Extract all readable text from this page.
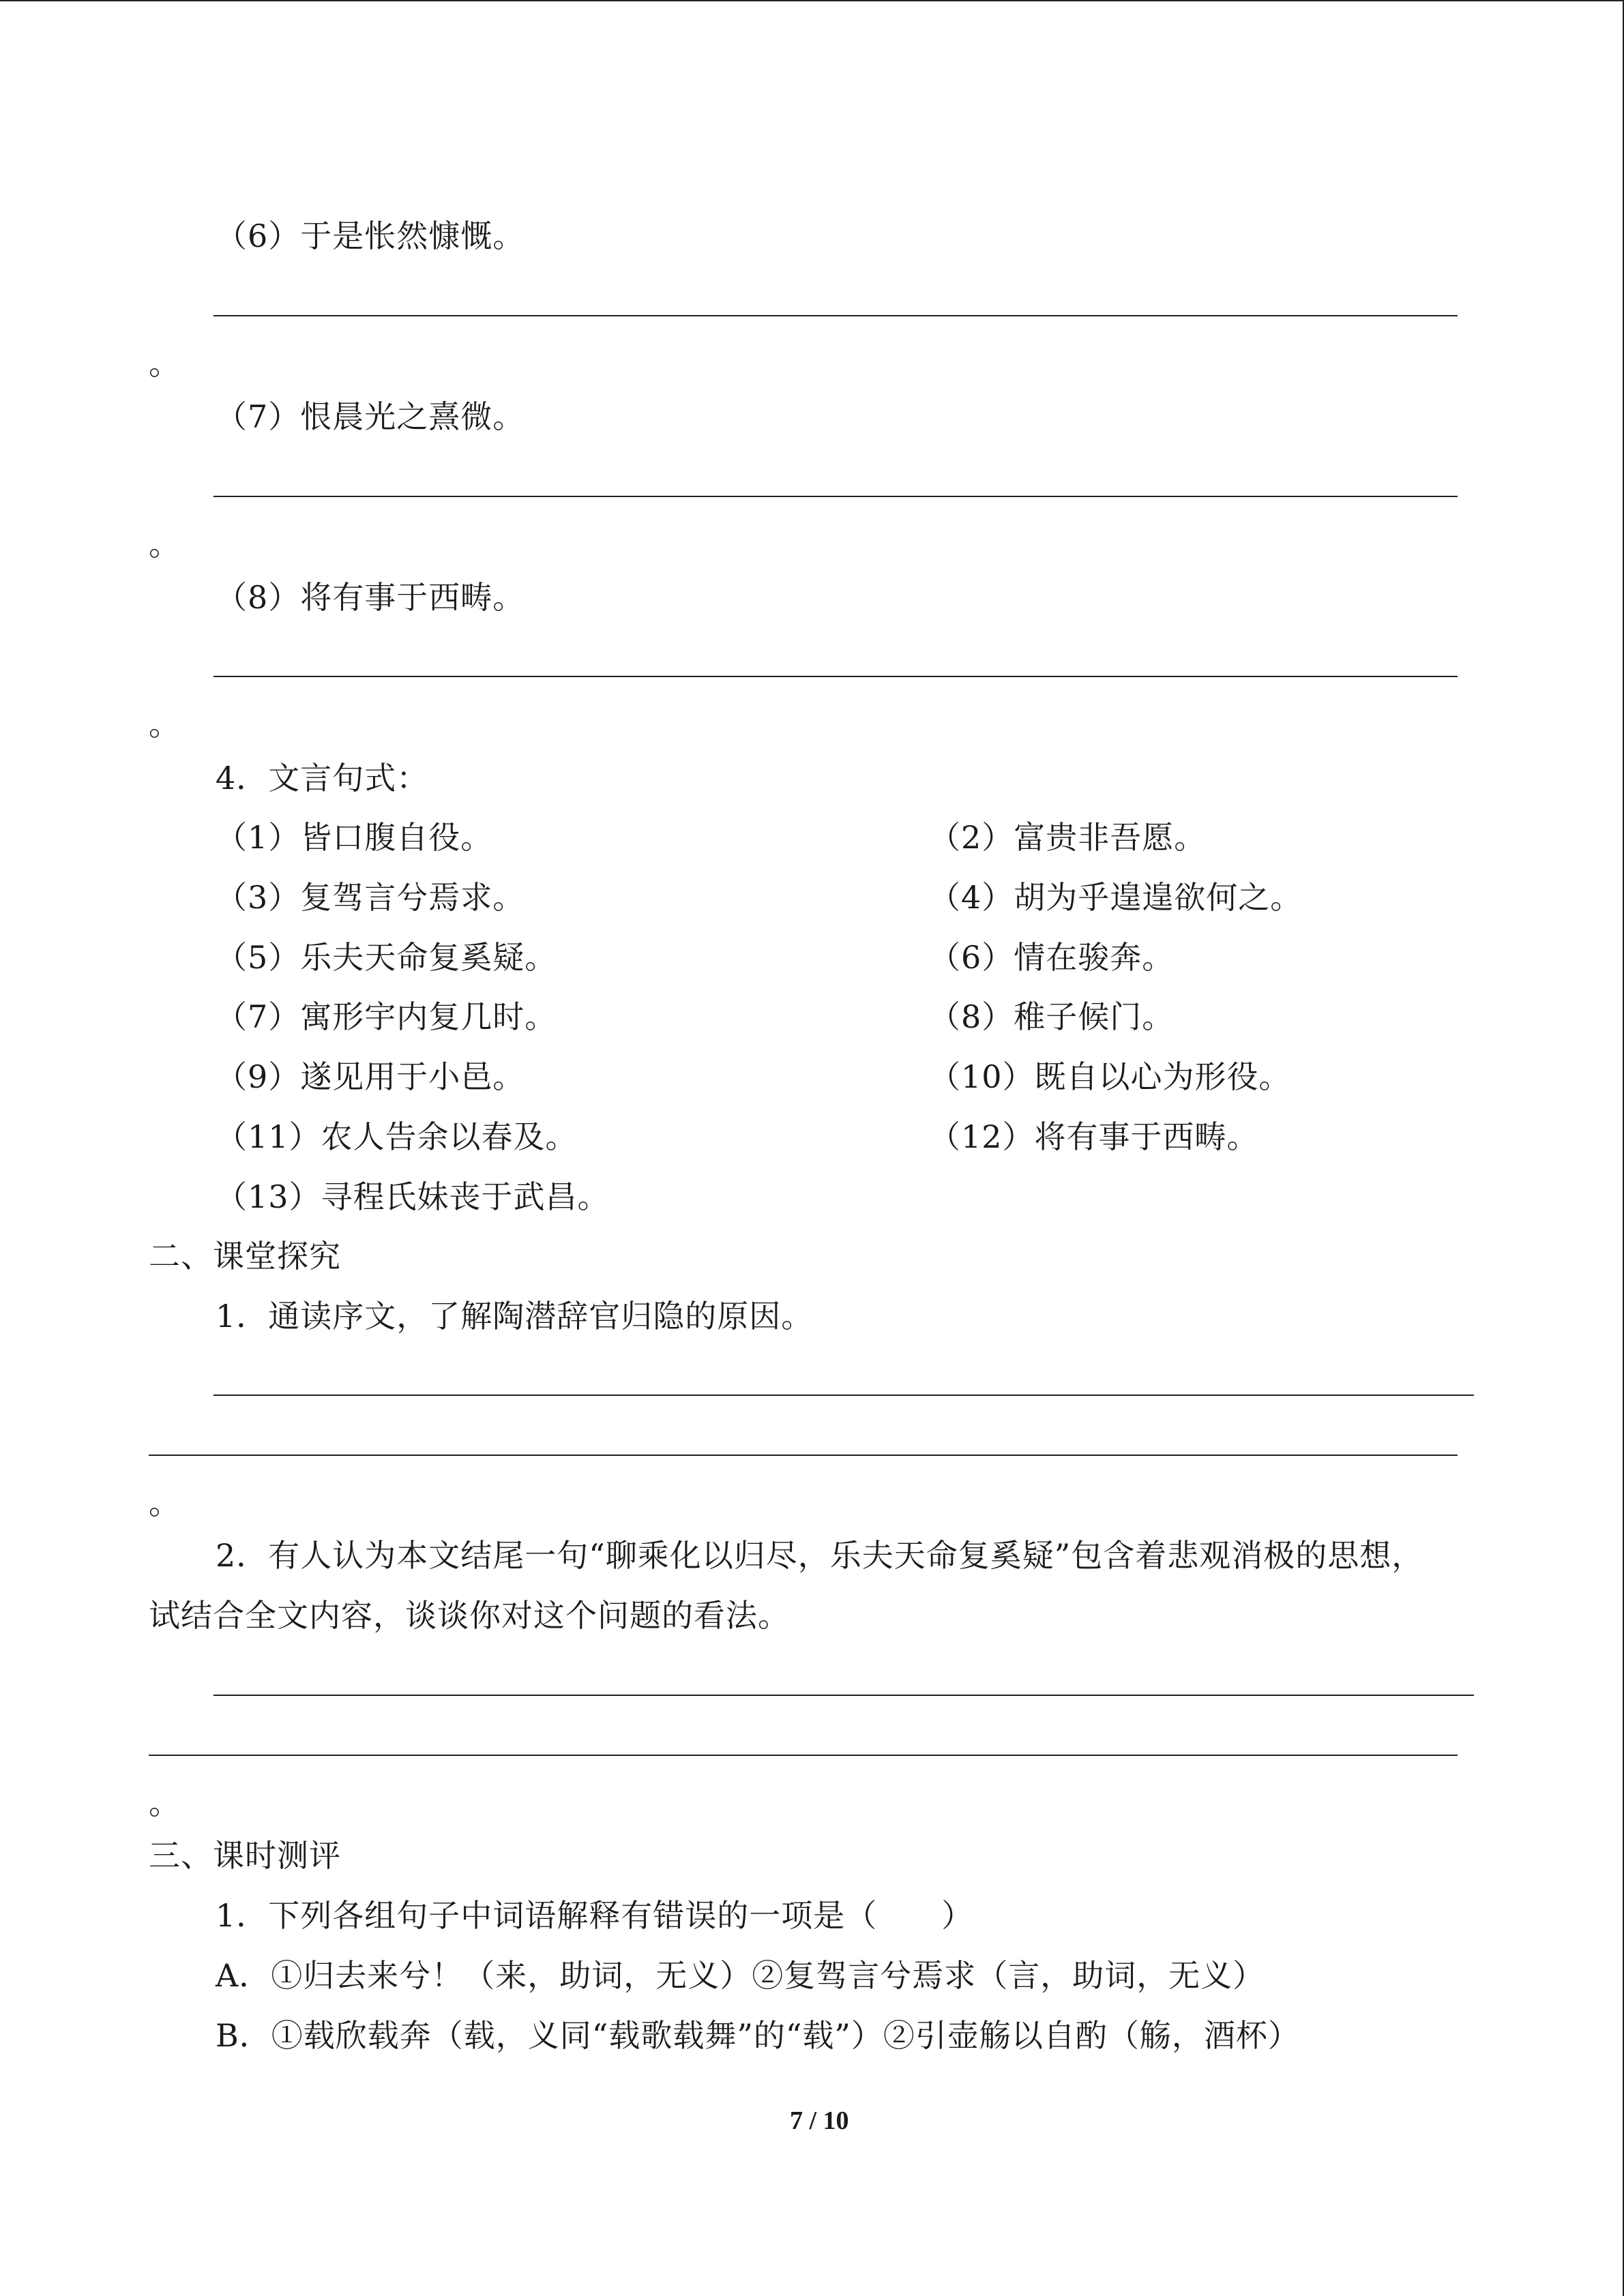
（6）于是怅然慷慨。
。
（7）恨晨光之熹微。
。
（8）将有事于西畴。
。
4．文言句式：
（1）皆口腹自役。
（3）复驾言兮焉求。
（5）乐夫天命复奚疑。
（7）寓形宇内复几时。
（9）遂见用于小邑。
（11）农人告余以春及。
（13）寻程氏妹丧于武昌。
（2）富贵非吾愿。
（4）胡为乎遑遑欲何之。
（6）情在骏奔。
（8）稚子候门。
（10）既自以心为形役。
（12）将有事于西畴。
二、课堂探究
1．通读序文，了解陶潜辞官归隐的原因。
。
2．有人认为本文结尾一句“聊乘化以归尽，乐夫天命复奚疑”包含着悲观消极的思想，
试结合全文内容，谈谈你对这个问题的看法。
。
三、课时测评
1．下列各组句子中词语解释有错误的一项是（　　）
A．①归去来兮！（来，助词，无义）②复驾言兮焉求（言，助词，无义）
B．①载欣载奔（载，义同“载歌载舞”的“载”）②引壶觞以自酌（觞，酒杯）
7 / 10
